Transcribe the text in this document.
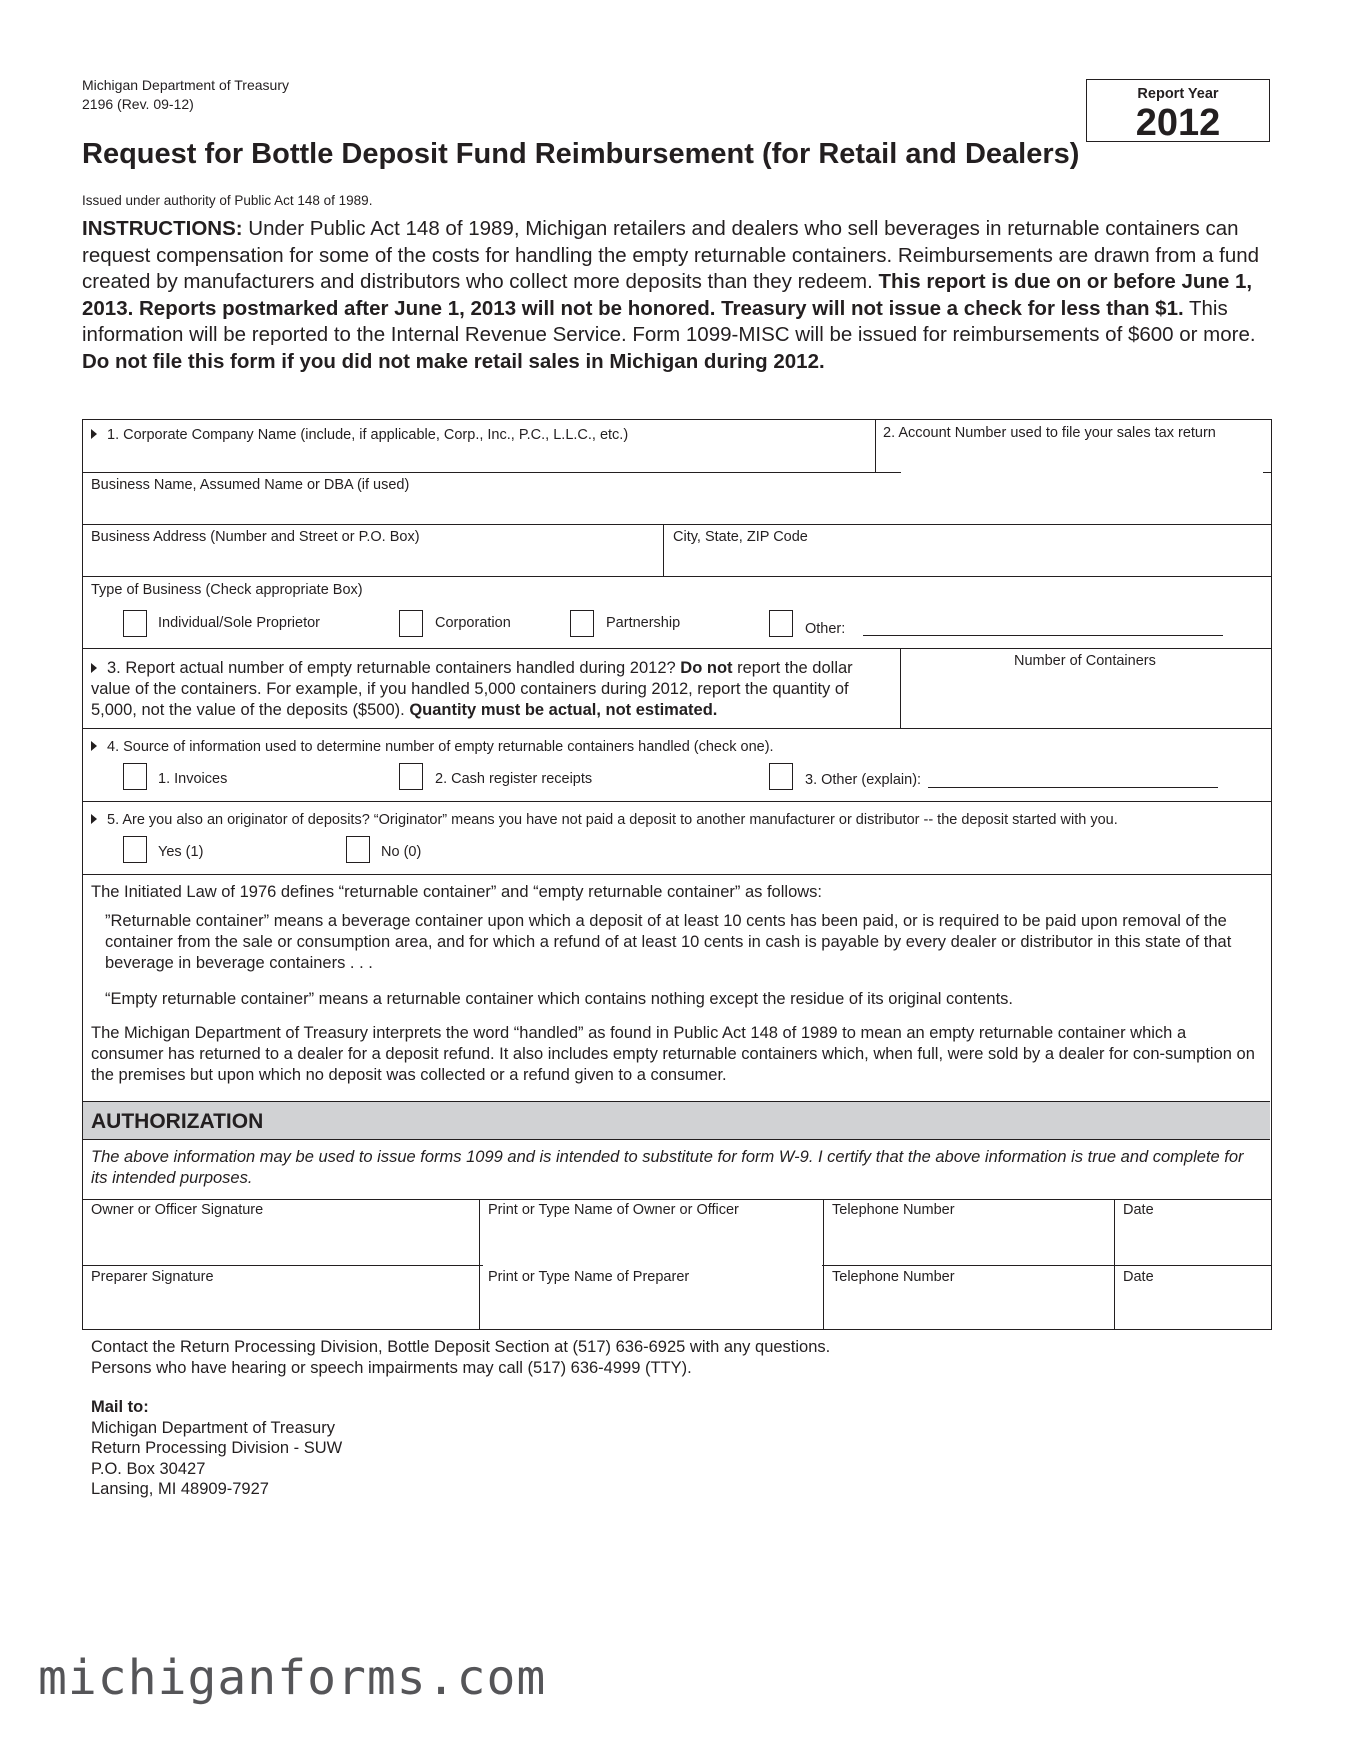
Michigan Department of Treasury
2196 (Rev. 09-12)
Report Year
2012
Request for Bottle Deposit Fund Reimbursement (for Retail and Dealers)
Issued under authority of Public Act 148 of 1989.
INSTRUCTIONS: Under Public Act 148 of 1989, Michigan retailers and dealers who sell beverages in returnable containers can request compensation for some of the costs for handling the empty returnable containers. Reimbursements are drawn from a fund created by manufacturers and distributors who collect more deposits than they redeem. This report is due on or before June 1, 2013. Reports postmarked after June 1, 2013 will not be honored. Treasury will not issue a check for less than $1. This information will be reported to the Internal Revenue Service. Form 1099-MISC will be issued for reimbursements of $600 or more. Do not file this form if you did not make retail sales in Michigan during 2012.
1. Corporate Company Name (include, if applicable, Corp., Inc., P.C., L.L.C., etc.)	2. Account Number used to file your sales tax return
Business Name, Assumed Name or DBA (if used)
Business Address (Number and Street or P.O. Box)	City, State, ZIP Code
Type of Business (Check appropriate Box)
Individual/Sole Proprietor	Corporation	Partnership	Other:
3. Report actual number of empty returnable containers handled during 2012? Do not report the dollar value of the containers. For example, if you handled 5,000 containers during 2012, report the quantity of 5,000, not the value of the deposits ($500). Quantity must be actual, not estimated.
Number of Containers
4. Source of information used to determine number of empty returnable containers handled (check one).
1. Invoices	2. Cash register receipts	3. Other (explain):
5. Are you also an originator of deposits? “Originator” means you have not paid a deposit to another manufacturer or distributor -- the deposit started with you.
Yes (1)	No (0)
The Initiated Law of 1976 defines “returnable container” and “empty returnable container” as follows:
”Returnable container” means a beverage container upon which a deposit of at least 10 cents has been paid, or is required to be paid upon removal of the container from the sale or consumption area, and for which a refund of at least 10 cents in cash is payable by every dealer or distributor in this state of that beverage in beverage containers . . .
“Empty returnable container” means a returnable container which contains nothing except the residue of its original contents.
The Michigan Department of Treasury interprets the word “handled” as found in Public Act 148 of 1989 to mean an empty returnable container which a consumer has returned to a dealer for a deposit refund. It also includes empty returnable containers which, when full, were sold by a dealer for con-sumption on the premises but upon which no deposit was collected or a refund given to a consumer.
AUTHORIZATION
The above information may be used to issue forms 1099 and is intended to substitute for form W-9. I certify that the above information is true and complete for its intended purposes.
Owner or Officer Signature	Print or Type Name of Owner or Officer	Telephone Number	Date
Preparer Signature	Print or Type Name of Preparer	Telephone Number	Date
Contact the Return Processing Division, Bottle Deposit Section at (517) 636-6925 with any questions.
Persons who have hearing or speech impairments may call (517) 636-4999 (TTY).
Mail to:
Michigan Department of Treasury
Return Processing Division - SUW
P.O. Box 30427
Lansing, MI 48909-7927
michiganforms.com
